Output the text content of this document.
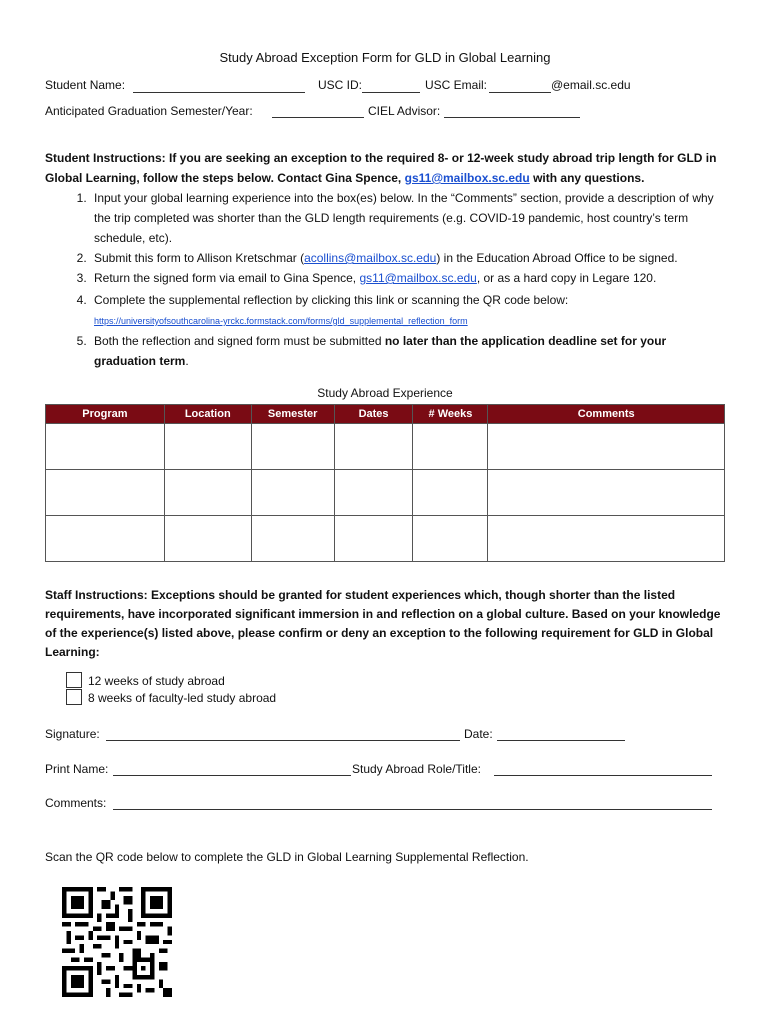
Study Abroad Exception Form for GLD in Global Learning
Student Name:	USC ID:	USC Email:	@email.sc.edu
Anticipated Graduation Semester/Year:	CIEL Advisor:
Student Instructions: If you are seeking an exception to the required 8- or 12-week study abroad trip length for GLD in Global Learning, follow the steps below. Contact Gina Spence, gs11@mailbox.sc.edu with any questions.
1. Input your global learning experience into the box(es) below. In the “Comments” section, provide a description of why the trip completed was shorter than the GLD length requirements (e.g. COVID-19 pandemic, host country’s term schedule, etc).
2. Submit this form to Allison Kretschmar (acollins@mailbox.sc.edu) in the Education Abroad Office to be signed.
3. Return the signed form via email to Gina Spence, gs11@mailbox.sc.edu, or as a hard copy in Legare 120.
4. Complete the supplemental reflection by clicking this link or scanning the QR code below:
https://universityofsouthcarolina-yrckc.formstack.com/forms/gld_supplemental_reflection_form
5. Both the reflection and signed form must be submitted no later than the application deadline set for your graduation term.
Study Abroad Experience
Program	Location	Semester	Dates	# Weeks	Comments

Staff Instructions: Exceptions should be granted for student experiences which, though shorter than the listed requirements, have incorporated significant immersion in and reflection on a global culture. Based on your knowledge of the experience(s) listed above, please confirm or deny an exception to the following requirement for GLD in Global Learning:
12 weeks of study abroad
8 weeks of faculty-led study abroad
Signature:	Date:
Print Name:	Study Abroad Role/Title:
Comments:
Scan the QR code below to complete the GLD in Global Learning Supplemental Reflection.
